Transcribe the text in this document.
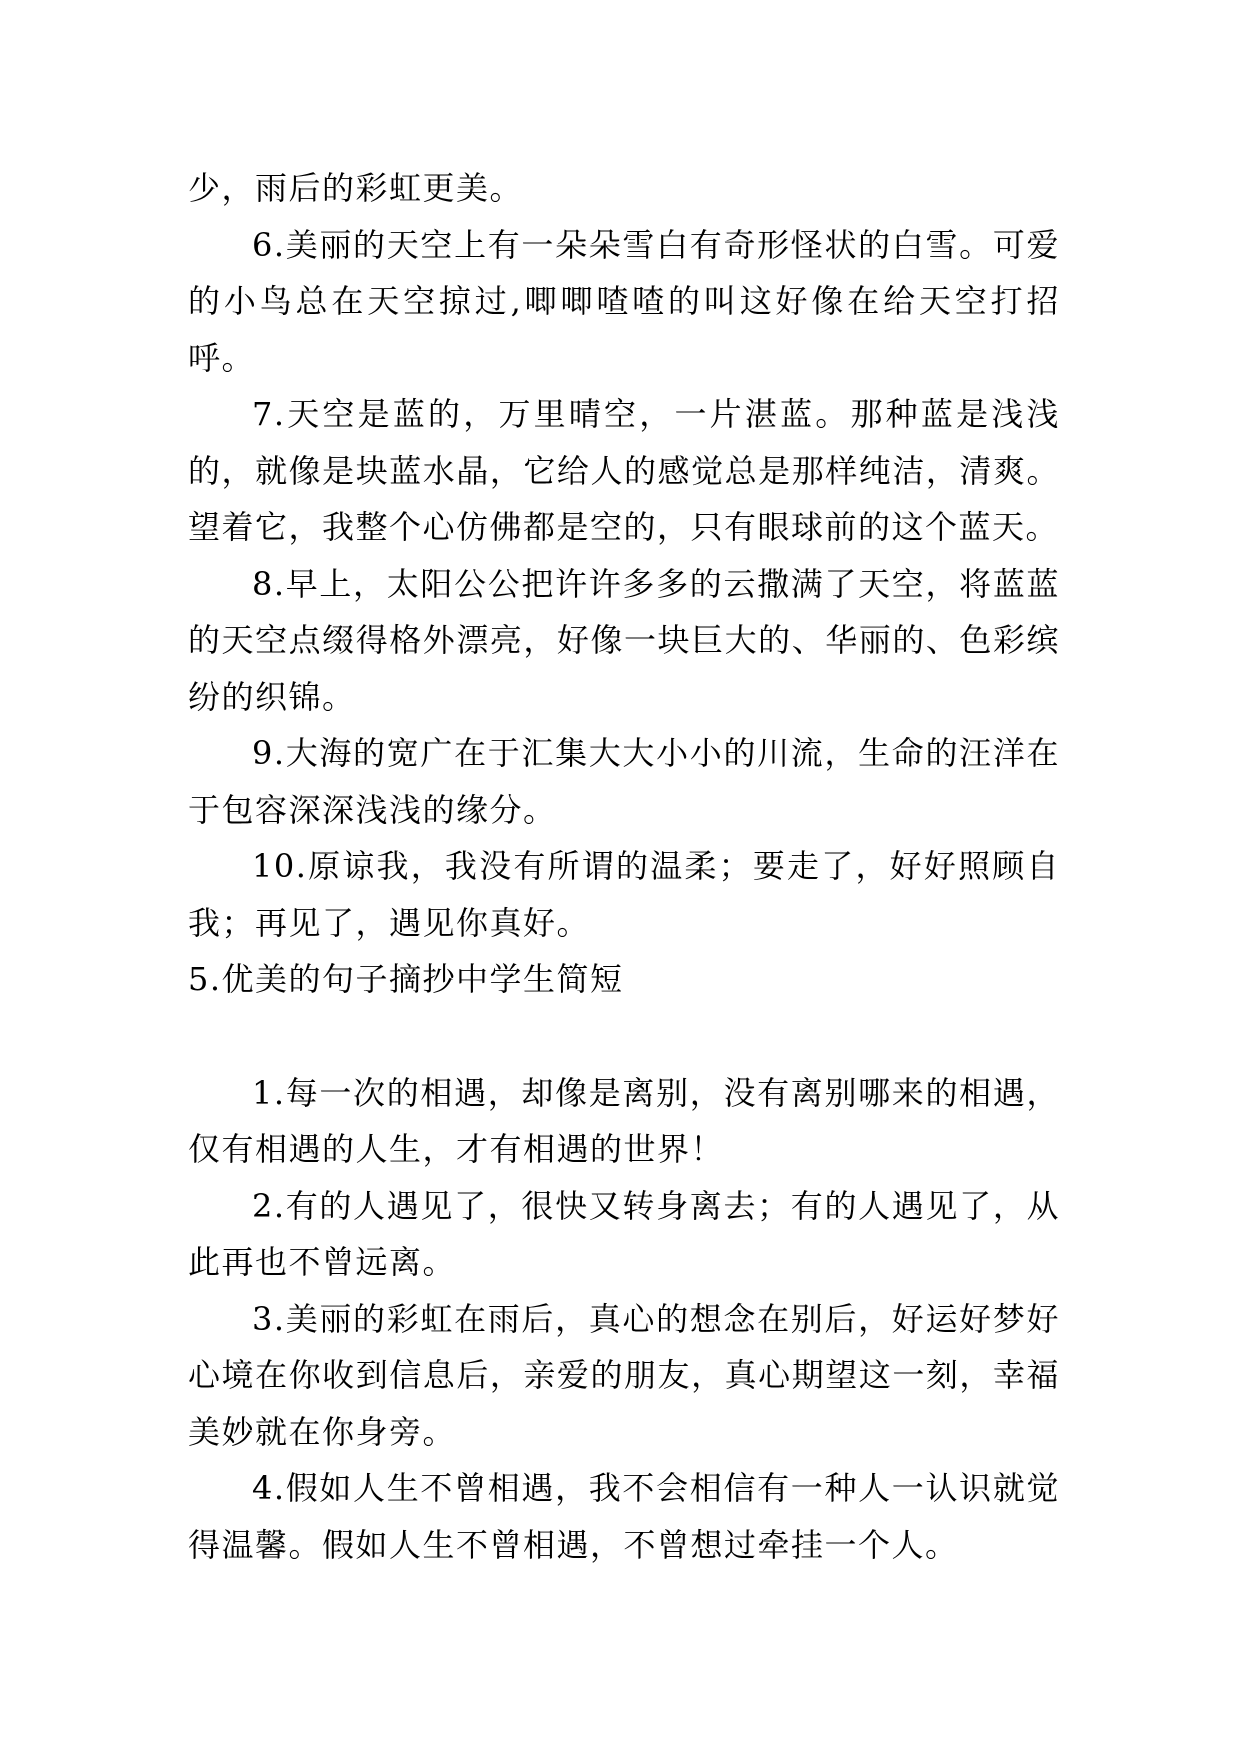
少，雨后的彩虹更美。

6.美丽的天空上有一朵朵雪白有奇形怪状的白雪。可爱的小鸟总在天空掠过,唧唧喳喳的叫这好像在给天空打招呼。

7.天空是蓝的，万里晴空，一片湛蓝。那种蓝是浅浅的，就像是块蓝水晶，它给人的感觉总是那样纯洁，清爽。望着它，我整个心仿佛都是空的，只有眼球前的这个蓝天。

8.早上，太阳公公把许许多多的云撒满了天空，将蓝蓝的天空点缀得格外漂亮，好像一块巨大的、华丽的、色彩缤纷的织锦。

9.大海的宽广在于汇集大大小小的川流，生命的汪洋在于包容深深浅浅的缘分。

10.原谅我，我没有所谓的温柔；要走了，好好照顾自我；再见了，遇见你真好。

5.优美的句子摘抄中学生简短

1.每一次的相遇，却像是离别，没有离别哪来的相遇，仅有相遇的人生，才有相遇的世界！

2.有的人遇见了，很快又转身离去；有的人遇见了，从此再也不曾远离。

3.美丽的彩虹在雨后，真心的想念在别后，好运好梦好心境在你收到信息后，亲爱的朋友，真心期望这一刻，幸福美妙就在你身旁。

4.假如人生不曾相遇，我不会相信有一种人一认识就觉得温馨。假如人生不曾相遇，不曾想过牵挂一个人。
